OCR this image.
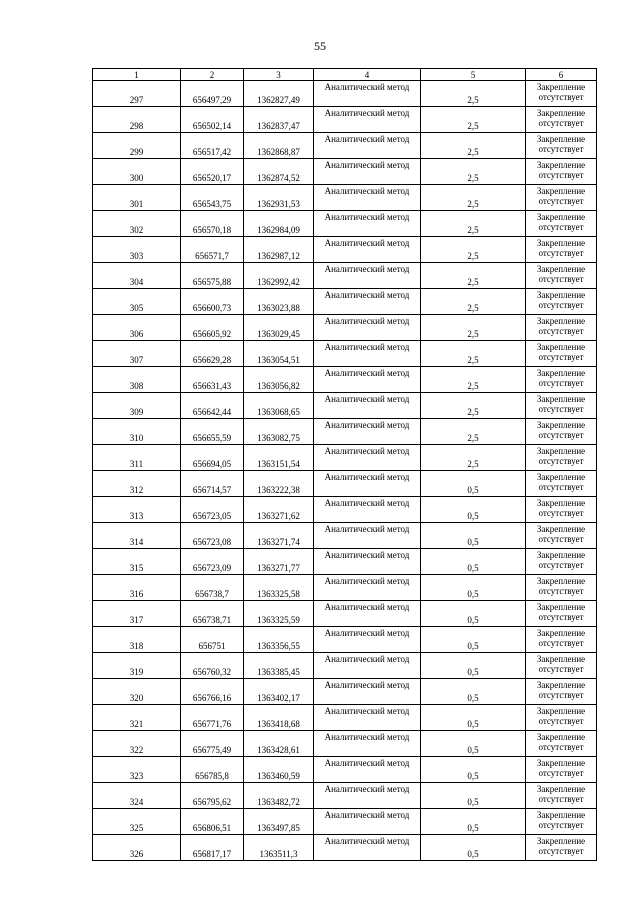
55
1	2	3	4	5	6
297	656497,29	1362827,49	Аналитический метод	2,5	Закрепление отсутствует
298	656502,14	1362837,47	Аналитический метод	2,5	Закрепление отсутствует
299	656517,42	1362868,87	Аналитический метод	2,5	Закрепление отсутствует
300	656520,17	1362874,52	Аналитический метод	2,5	Закрепление отсутствует
301	656543,75	1362931,53	Аналитический метод	2,5	Закрепление отсутствует
302	656570,18	1362984,09	Аналитический метод	2,5	Закрепление отсутствует
303	656571,7	1362987,12	Аналитический метод	2,5	Закрепление отсутствует
304	656575,88	1362992,42	Аналитический метод	2,5	Закрепление отсутствует
305	656600,73	1363023,88	Аналитический метод	2,5	Закрепление отсутствует
306	656605,92	1363029,45	Аналитический метод	2,5	Закрепление отсутствует
307	656629,28	1363054,51	Аналитический метод	2,5	Закрепление отсутствует
308	656631,43	1363056,82	Аналитический метод	2,5	Закрепление отсутствует
309	656642,44	1363068,65	Аналитический метод	2,5	Закрепление отсутствует
310	656655,59	1363082,75	Аналитический метод	2,5	Закрепление отсутствует
311	656694,05	1363151,54	Аналитический метод	2,5	Закрепление отсутствует
312	656714,57	1363222,38	Аналитический метод	0,5	Закрепление отсутствует
313	656723,05	1363271,62	Аналитический метод	0,5	Закрепление отсутствует
314	656723,08	1363271,74	Аналитический метод	0,5	Закрепление отсутствует
315	656723,09	1363271,77	Аналитический метод	0,5	Закрепление отсутствует
316	656738,7	1363325,58	Аналитический метод	0,5	Закрепление отсутствует
317	656738,71	1363325,59	Аналитический метод	0,5	Закрепление отсутствует
318	656751	1363356,55	Аналитический метод	0,5	Закрепление отсутствует
319	656760,32	1363385,45	Аналитический метод	0,5	Закрепление отсутствует
320	656766,16	1363402,17	Аналитический метод	0,5	Закрепление отсутствует
321	656771,76	1363418,68	Аналитический метод	0,5	Закрепление отсутствует
322	656775,49	1363428,61	Аналитический метод	0,5	Закрепление отсутствует
323	656785,8	1363460,59	Аналитический метод	0,5	Закрепление отсутствует
324	656795,62	1363482,72	Аналитический метод	0,5	Закрепление отсутствует
325	656806,51	1363497,85	Аналитический метод	0,5	Закрепление отсутствует
326	656817,17	1363511,3	Аналитический метод	0,5	Закрепление отсутствует
